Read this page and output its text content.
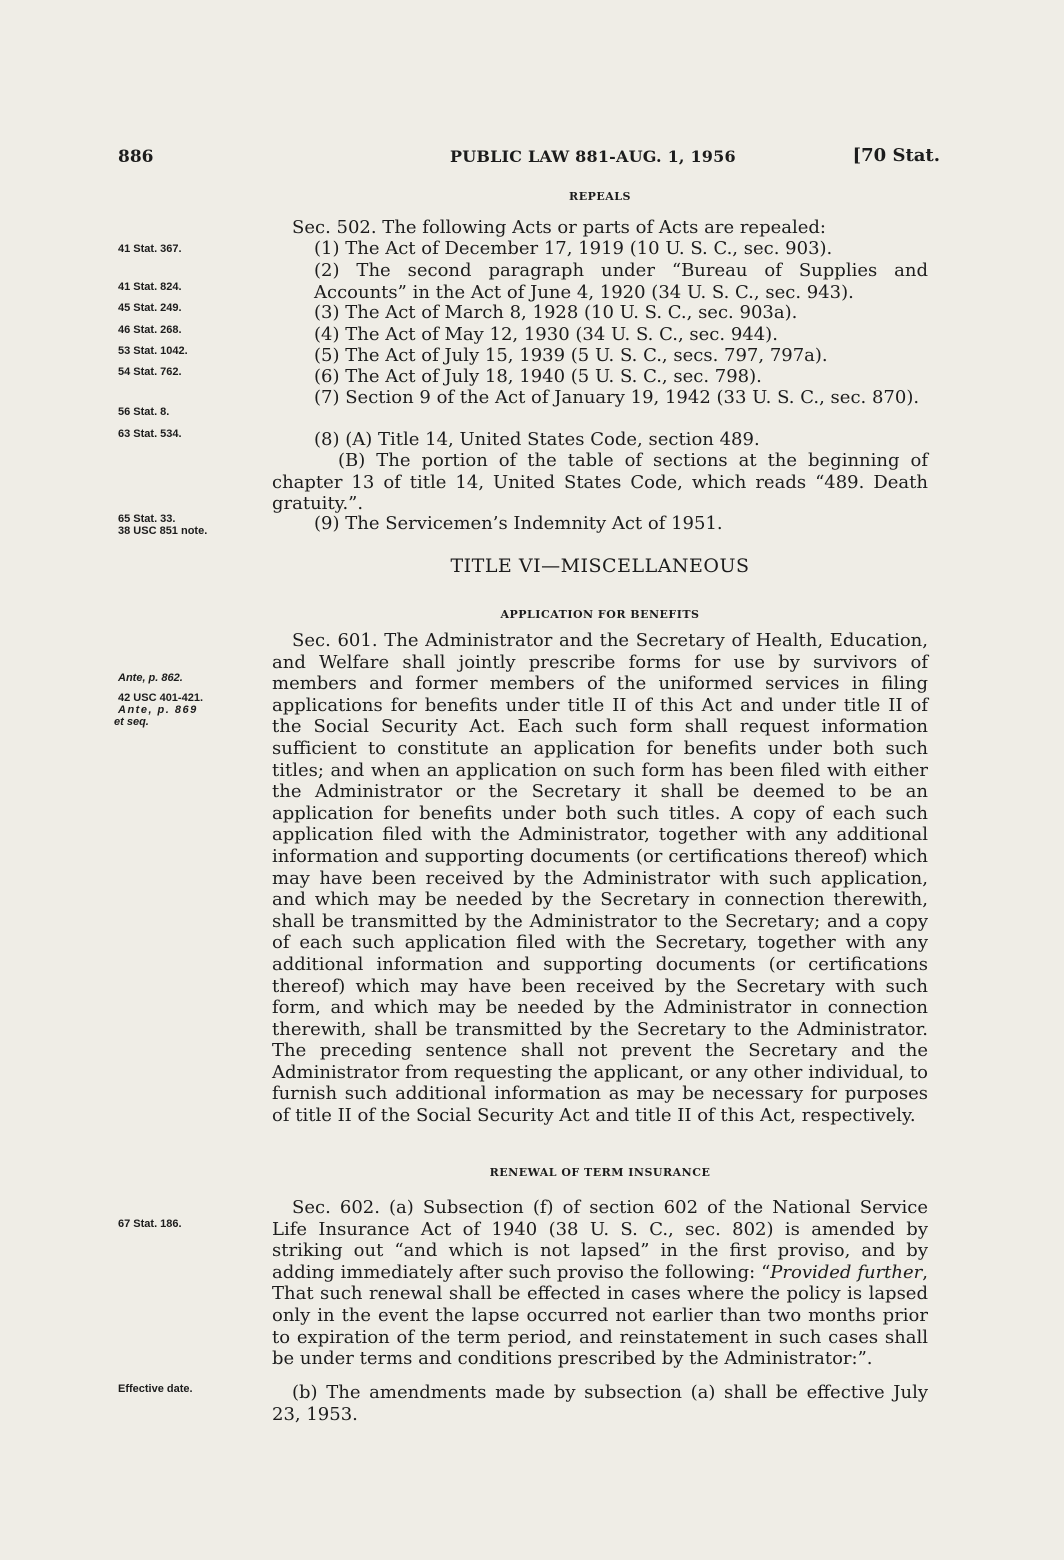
886	PUBLIC LAW 881-AUG. 1, 1956	[70 Stat.
41 Stat. 367.
41 Stat. 824.
45 Stat. 249.
46 Stat. 268.
53 Stat. 1042.
54 Stat. 762.
56 Stat. 8.
63 Stat. 534.
65 Stat. 33.
38 USC 851 note.
Ante, p. 862.
42 USC 401-421.
Ante, p. 869
et seq.
67 Stat. 186.
Effective date.
REPEALS

Sec. 502. The following Acts or parts of Acts are repealed:

(1) The Act of December 17, 1919 (10 U. S. C., sec. 903).

(2) The second paragraph under “Bureau of Supplies and Accounts” in the Act of June 4, 1920 (34 U. S. C., sec. 943).

(3) The Act of March 8, 1928 (10 U. S. C., sec. 903a).

(4) The Act of May 12, 1930 (34 U. S. C., sec. 944).

(5) The Act of July 15, 1939 (5 U. S. C., secs. 797, 797a).

(6) The Act of July 18, 1940 (5 U. S. C., sec. 798).

(7) Section 9 of the Act of January 19, 1942 (33 U. S. C., sec. 870).

(8) (A) Title 14, United States Code, section 489.

(B) The portion of the table of sections at the beginning of chapter 13 of title 14, United States Code, which reads “489. Death gratuity.”.

(9) The Servicemen’s Indemnity Act of 1951.

TITLE VI—MISCELLANEOUS
APPLICATION FOR BENEFITS

Sec. 601. The Administrator and the Secretary of Health, Education, and Welfare shall jointly prescribe forms for use by survivors of members and former members of the uniformed services in filing applications for benefits under title II of this Act and under title II of the Social Security Act. Each such form shall request information sufficient to constitute an application for benefits under both such titles; and when an application on such form has been filed with either the Administrator or the Secretary it shall be deemed to be an application for benefits under both such titles. A copy of each such application filed with the Administrator, together with any additional information and supporting documents (or certifications thereof) which may have been received by the Administrator with such application, and which may be needed by the Secretary in connection therewith, shall be transmitted by the Administrator to the Secretary; and a copy of each such application filed with the Secretary, together with any additional information and supporting documents (or certifications thereof) which may have been received by the Secretary with such form, and which may be needed by the Administrator in connection therewith, shall be transmitted by the Secretary to the Administrator. The preceding sentence shall not prevent the Secretary and the Administrator from requesting the applicant, or any other individual, to furnish such additional information as may be necessary for purposes of title II of the Social Security Act and title II of this Act, respectively.

RENEWAL OF TERM INSURANCE

Sec. 602. (a) Subsection (f) of section 602 of the National Service Life Insurance Act of 1940 (38 U. S. C., sec. 802) is amended by striking out “and which is not lapsed” in the first proviso, and by adding immediately after such proviso the following: “Provided further, That such renewal shall be effected in cases where the policy is lapsed only in the event the lapse occurred not earlier than two months prior to expiration of the term period, and reinstatement in such cases shall be under terms and conditions prescribed by the Administrator:”.

(b) The amendments made by subsection (a) shall be effective July 23, 1953.
